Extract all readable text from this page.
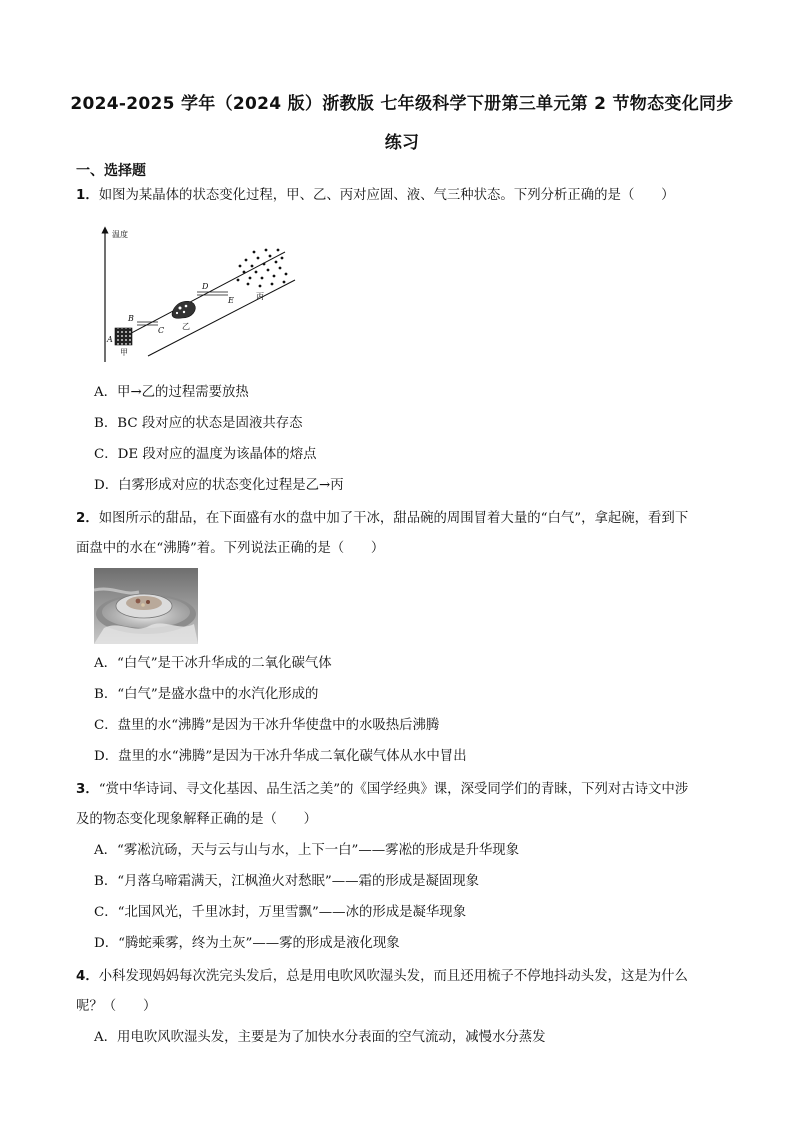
2024-2025 学年（2024 版）浙教版 七年级科学下册第三单元第 2 节物态变化同步
练习
一、选择题
1．如图为某晶体的状态变化过程，甲、乙、丙对应固、液、气三种状态。下列分析正确的是（　　）
温度
A
甲
B
C 乙
D
E	丙
A．甲→乙的过程需要放热
B．BC 段对应的状态是固液共存态
C．DE 段对应的温度为该晶体的熔点
D．白雾形成对应的状态变化过程是乙→丙
2．如图所示的甜品，在下面盛有水的盘中加了干冰，甜品碗的周围冒着大量的“白气”，拿起碗，看到下
面盘中的水在“沸腾”着。下列说法正确的是（　　）
A．“白气”是干冰升华成的二氧化碳气体
B．“白气”是盛水盘中的水汽化形成的
C．盘里的水“沸腾”是因为干冰升华使盘中的水吸热后沸腾
D．盘里的水“沸腾”是因为干冰升华成二氧化碳气体从水中冒出
3．“赏中华诗词、寻文化基因、品生活之美”的《国学经典》课，深受同学们的青睐，下列对古诗文中涉
及的物态变化现象解释正确的是（　　）
A．“雾凇沆砀，天与云与山与水，上下一白”——雾凇的形成是升华现象
B．“月落乌啼霜满天，江枫渔火对愁眠”——霜的形成是凝固现象
C．“北国风光，千里冰封，万里雪飘”——冰的形成是凝华现象
D．“腾蛇乘雾，终为土灰”——雾的形成是液化现象
4．小科发现妈妈每次洗完头发后，总是用电吹风吹湿头发，而且还用梳子不停地抖动头发，这是为什么
呢？（　　）
A．用电吹风吹湿头发，主要是为了加快水分表面的空气流动，减慢水分蒸发
